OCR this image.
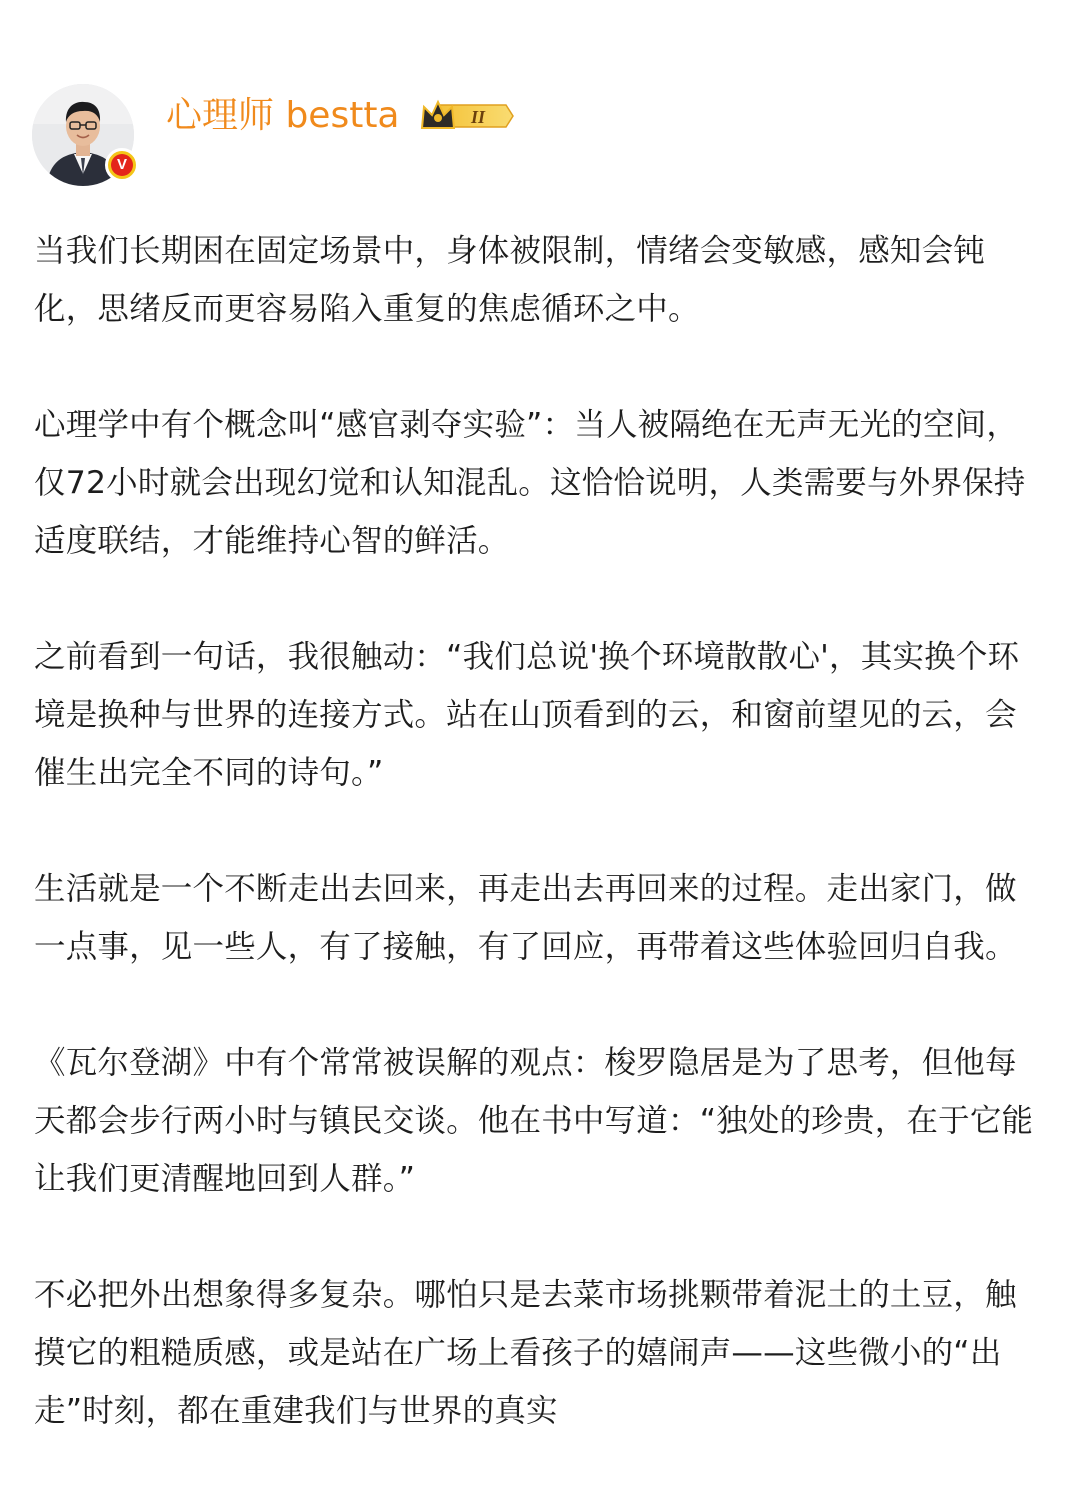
V
心理师 bestta	II

当我们长期困在固定场景中，身体被限制，情绪会变敏感，感知会钝化，思绪反而更容易陷入重复的焦虑循环之中。

心理学中有个概念叫“感官剥夺实验”：当人被隔绝在无声无光的空间，仅72小时就会出现幻觉和认知混乱。这恰恰说明，人类需要与外界保持适度联结，才能维持心智的鲜活。

之前看到一句话，我很触动：“我们总说'换个环境散散心'，其实换个环境是换种与世界的连接方式。站在山顶看到的云，和窗前望见的云，会催生出完全不同的诗句。”

生活就是一个不断走出去回来，再走出去再回来的过程。走出家门，做一点事，见一些人，有了接触，有了回应，再带着这些体验回归自我。

《瓦尔登湖》中有个常常被误解的观点：梭罗隐居是为了思考，但他每天都会步行两小时与镇民交谈。他在书中写道：“独处的珍贵，在于它能让我们更清醒地回到人群。”

不必把外出想象得多复杂。哪怕只是去菜市场挑颗带着泥土的土豆，触摸它的粗糙质感，或是站在广场上看孩子的嬉闹声——这些微小的“出走”时刻，都在重建我们与世界的真实
